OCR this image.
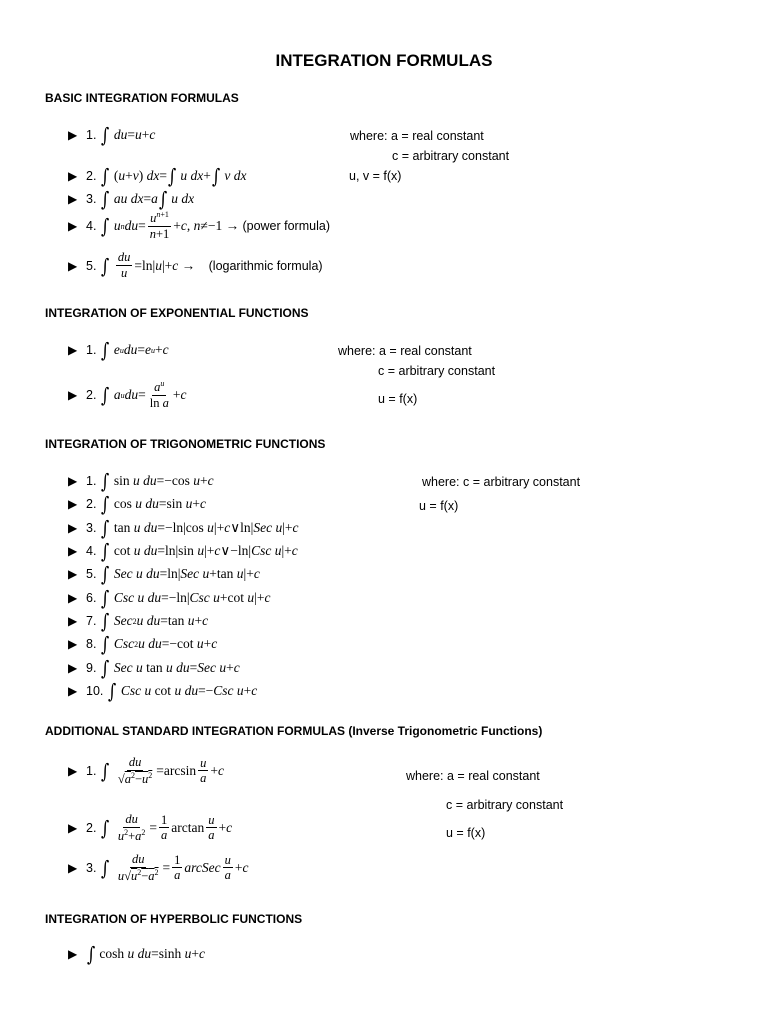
INTEGRATION FORMULAS
BASIC INTEGRATION FORMULAS
▶ 1. ∫ du = u + c	where: a = real constant
c = arbitrary constant
▶ 2. ∫ ( u + v ) dx = ∫ u dx + ∫ v dx	u, v = f(x)
▶ 3. ∫ au dx = a ∫ u dx
▶ 4. ∫ u n du = $\frac{u^{n+1}}{n+1} + c$ , n ≠−1 → (power formula)
▶ 5. ∫ $\frac{du}{u} =\ln|$ u |+ c → (logarithmic formula)
INTEGRATION OF EXPONENTIAL FUNCTIONS
▶ 1. ∫ e u du = e u + c	where: a = real constant
c = arbitrary constant
▶ 2. ∫ a u du = $\frac{a^u}{\text{ln a}} + c$	u = f(x)
INTEGRATION OF TRIGONOMETRIC FUNCTIONS
where: c = arbitrary constant
u = f(x)
▶ 1. ∫ sin u du =−cos u + c
▶ 2. ∫ cos u du =sin u + c
▶ 3. ∫ tan u du =−ln|cos u |+ c ∨ln| Sec u |+ c
▶ 4. ∫ cot u du =ln|sin u |+ c ∨−ln| Csc u |+ c
▶ 5. ∫ Sec u du =ln| Sec u +tan u |+ c
▶ 6. ∫ Csc u du =−ln| Csc u +cot u |+ c
▶ 7. ∫ Sec 2 u du =tan u + c
▶ 8. ∫ Csc 2 u du =−cot u + c
▶ 9. ∫ Sec u tan u du = Sec u + c
▶ 10. ∫ Csc u cot u du =− Csc u + c
ADDITIONAL STANDARD INTEGRATION FORMULAS (Inverse Trigonometric Functions)
▶ 1. ∫ $\frac{du}{√a^2-u^2} =\arcsin \frac{u}{a} + c$	where: a = real constant
c = arbitrary constant
▶ 2. ∫ $\frac{du}{u^2+a^2} = \frac{1}{a}$ $\arctan \frac{u}{a} + c$	u = f(x)
▶ 3. ∫ $\frac{du}{u√u^2-a^2} = \frac{1}{a}$ arcSec $\frac{u}{a} + c$
INTEGRATION OF HYPERBOLIC FUNCTIONS
▶ ∫ cosh u du =sinh u + c
